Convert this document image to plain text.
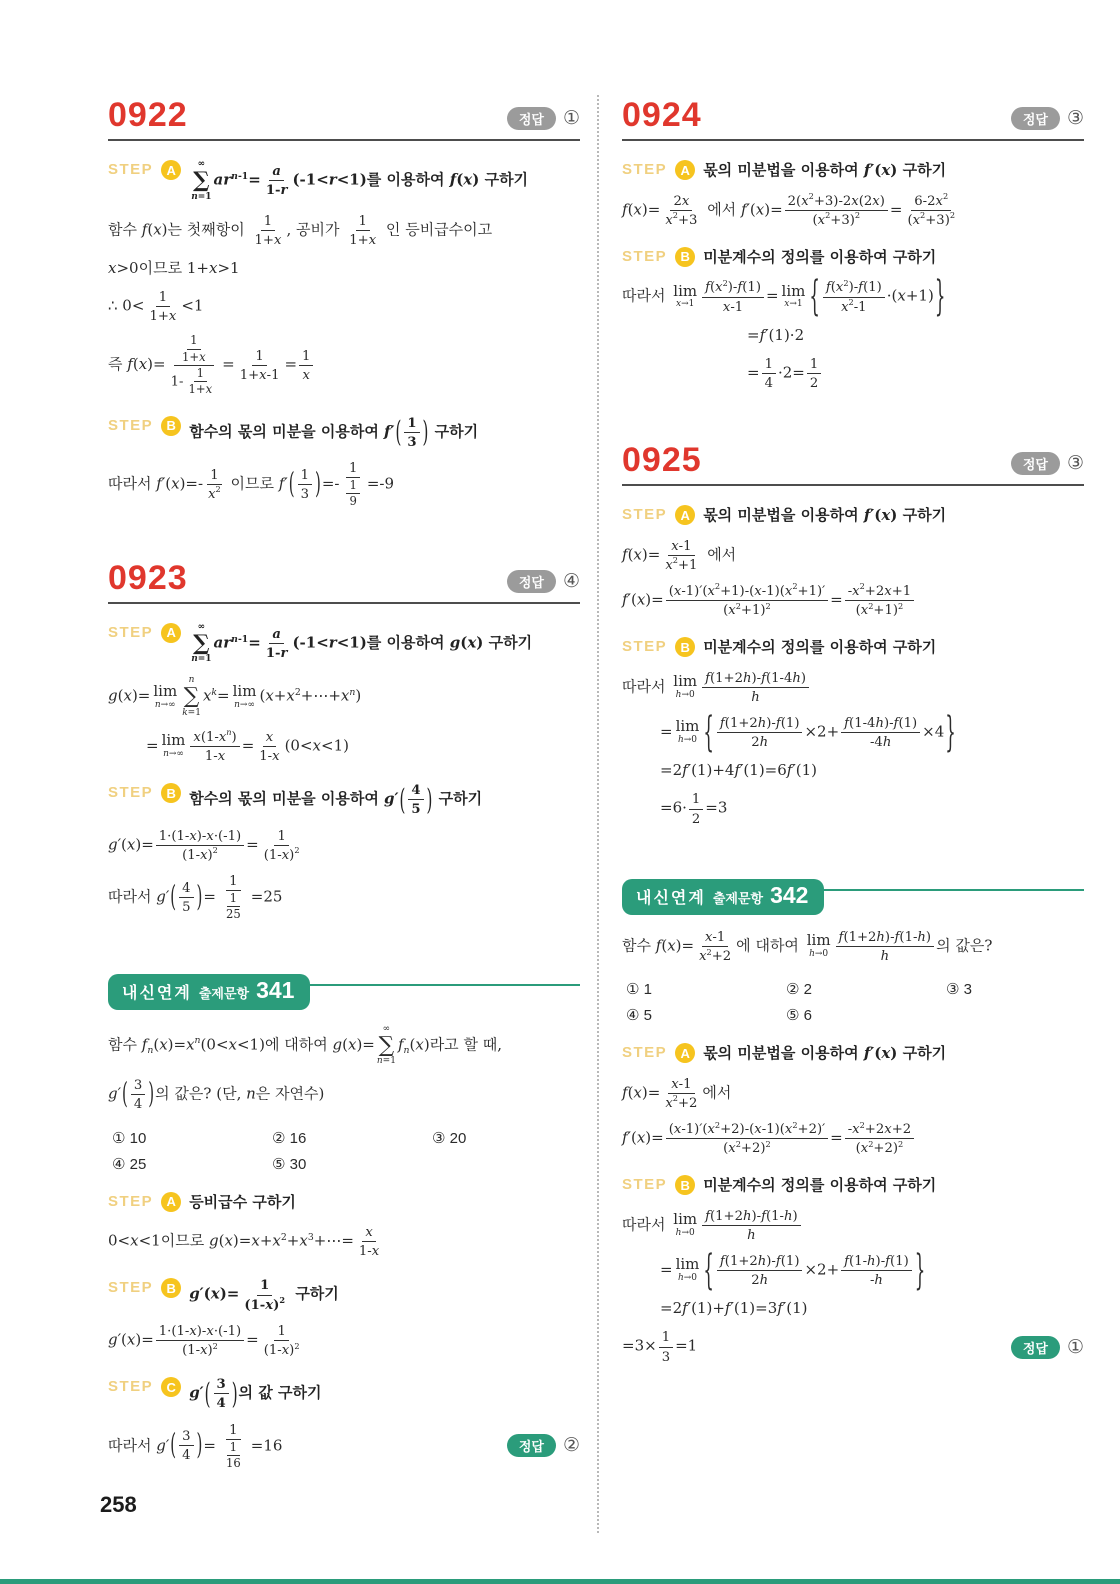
0922	정답	①
STEP	A	∞
∑
n=1
$ar^{n-1}= \frac{a}{1-r} (-1<r<1)$를 이용하여 f(x) 구하기
함수 f(x)는 첫째항이 $\frac{1}{1+x}$ , 공비가 $\frac{1}{1+x}$ 인 등비급수이고
x>0이므로 1+x>1
∴ $0< \frac{1}{1+x} <1$
즉 $f(x)= \frac{\frac{1}{1+x}}{1- \frac{1}{1+x}} = \frac{1}{1+x-1} = \frac{1}{x}$
STEP	B 함수의 몫의 미분을 이용하여 $f'( \frac{1}{3}$ ) 구하기
따라서 $f'(x)=- \frac{1}{x^2}$ 이므로 $f'( \frac{1}{3}$ )=- $\frac{1}{\frac{1}{9}} =-9$
0923	정답	④
STEP	A	∞
∑
n=1
$ar^{n-1}= \frac{a}{1-r} (-1<r<1)$를 이용하여 g(x) 구하기
g(x)= lim
n→∞
n
∑
k=1
$x^k= \lim$
n→∞ $(x+x^2+\cdots+x^n)$
= lim
$n\to\infty \frac{x(1-x^n)}{1-x} = \frac{x}{1-x} (0<x<1)$
STEP	B 함수의 몫의 미분을 이용하여 $g'( \frac{4}{5}$ ) 구하기
$g'(x)= \frac{1\cdot(1-x)-x\cdot(-1)}{(1-x)^2} = \frac{1}{(1-x)^2}$
따라서 $g'( \frac{4}{5}$ )= $\frac{1}{\frac{1}{25}} =25$
내신연계 출제문항 341
함수 $f_n(x)=x^n(0<x<1)$에 대하여 g(x)=
∞
∑
n=1
$f_n(x)$라고 할 때,
$g'( \frac{3}{4}$ )의 값은? (단, n은 자연수)
① 10	② 16	③ 20
④ 25	⑤ 30
STEP	A 등비급수 구하기
0<x<1이므로 $g(x)=x+x^2+x^3+\cdots= \frac{x}{1-x}$
STEP	B $g'(x)= \frac{1}{(1-x)^2}$ 구하기
$g'(x)= \frac{1\cdot(1-x)-x\cdot(-1)}{(1-x)^2} = \frac{1}{(1-x)^2}$
STEP	C $g'( \frac{3}{4}$ )의 값 구하기
따라서 $g'( \frac{3}{4}$ )= $\frac{1}{\frac{1}{16}} =16$	정답	②
0924	정답	③
STEP	A 몫의 미분법을 이용하여 f′(x) 구하기
$f(x)= \frac{2x}{x^2+3}$ 에서 $f'(x)= \frac{2(x^2+3)-2x(2x)}{(x^2+3)^2} = \frac{6-2x^2}{(x^2+3)^2}$
STEP	B 미분계수의 정의를 이용하여 구하기
따라서 lim
$x\to 1 \frac{f(x^2)-f(1)}{x-1} = \lim$
x→1 { $\frac{f(x^2)-f(1)}{x^2-1} \cdot(x+1)$}
=f′(1)·2
= $\frac{1}{4} \cdot 2= \frac{1}{2}$
0925	정답	③
STEP	A 몫의 미분법을 이용하여 f′(x) 구하기
$f(x)= \frac{x-1}{x^2+1}$ 에서
$f'(x)= \frac{(x-1)'(x^2+1)-(x-1)(x^2+1)'}{(x^2+1)^2} = \frac{-x^2+2x+1}{(x^2+1)^2}$
STEP	B 미분계수의 정의를 이용하여 구하기
따라서 lim
$h\to 0 \frac{f(1+2h)-f(1-4h)}{h}$
= lim
h→0 { $\frac{f(1+2h)-f(1)}{2h} \times 2+ \frac{f(1-4h)-f(1)}{-4h} \times 4$}
=2f′(1)+4f′(1)=6f′(1)
$=6\cdot \frac{1}{2} =3$
내신연계 출제문항 342
함수 $f(x)= \frac{x-1}{x^2+2}$ 에 대하여 lim
$h\to 0 \frac{f(1+2h)-f(1-h)}{h}$ 의 값은?
① 1	② 2	③ 3
④ 5	⑤ 6
STEP	A 몫의 미분법을 이용하여 f′(x) 구하기
$f(x)= \frac{x-1}{x^2+2}$ 에서
$f'(x)= \frac{(x-1)'(x^2+2)-(x-1)(x^2+2)'}{(x^2+2)^2} = \frac{-x^2+2x+2}{(x^2+2)^2}$
STEP	B 미분계수의 정의를 이용하여 구하기
따라서 lim
$h\to 0 \frac{f(1+2h)-f(1-h)}{h}$
= lim
h→0 { $\frac{f(1+2h)-f(1)}{2h} \times 2+ \frac{f(1-h)-f(1)}{-h}$ }
=2f′(1)+f′(1)=3f′(1)
$=3\times \frac{1}{3} =1$	정답	①
258
